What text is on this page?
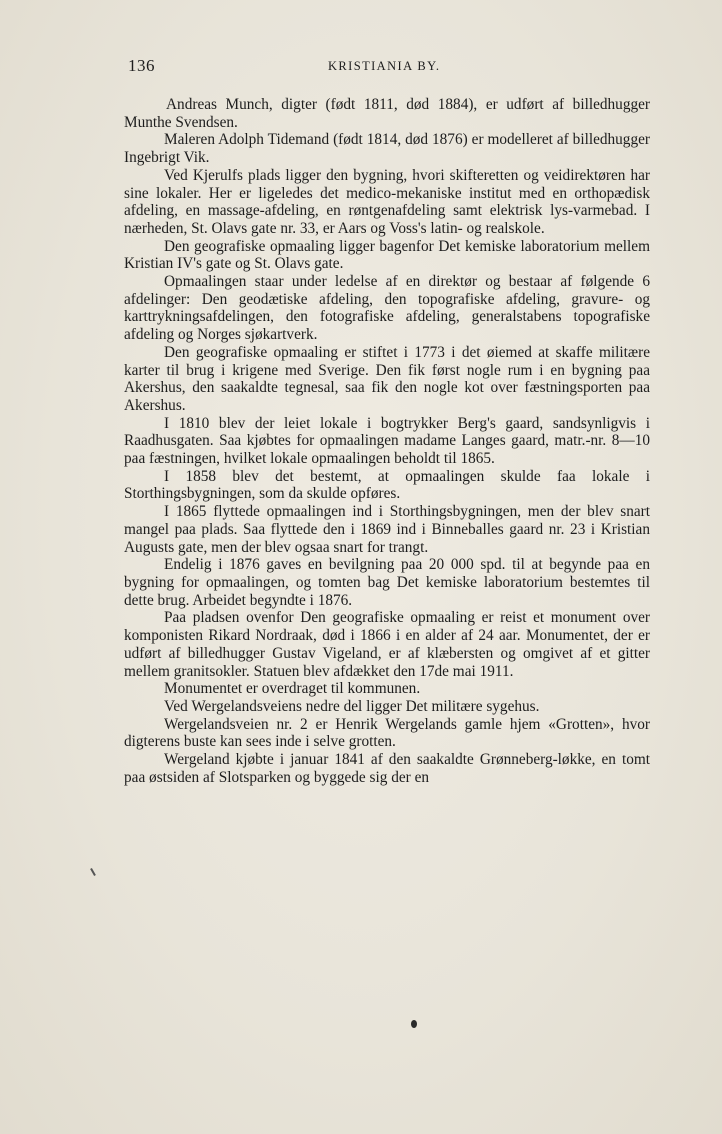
136	KRISTIANIA BY.

Andreas Munch, digter (født 1811, død 1884), er udført af billedhugger Munthe Svendsen.

Maleren Adolph Tidemand (født 1814, død 1876) er modelleret af billedhugger Ingebrigt Vik.

Ved Kjerulfs plads ligger den bygning, hvori skifteretten og veidirektøren har sine lokaler. Her er ligeledes det medico-mekaniske institut med en orthopædisk afdeling, en massage-afdeling, en røntgenafdeling samt elektrisk lys-varmebad. I nærheden, St. Olavs gate nr. 33, er Aars og Voss's latin- og realskole.

Den geografiske opmaaling ligger bagenfor Det kemiske laboratorium mellem Kristian IV's gate og St. Olavs gate.

Opmaalingen staar under ledelse af en direktør og bestaar af følgende 6 afdelinger: Den geodætiske afdeling, den topografiske afdeling, gravure- og karttrykningsafdelingen, den fotografiske afdeling, generalstabens topografiske afdeling og Norges sjøkartverk.

Den geografiske opmaaling er stiftet i 1773 i det øiemed at skaffe militære karter til brug i krigene med Sverige. Den fik først nogle rum i en bygning paa Akershus, den saakaldte tegnesal, saa fik den nogle kot over fæstningsporten paa Akershus.

I 1810 blev der leiet lokale i bogtrykker Berg's gaard, sandsynligvis i Raadhusgaten. Saa kjøbtes for opmaalingen madame Langes gaard, matr.-nr. 8—10 paa fæstningen, hvilket lokale opmaalingen beholdt til 1865.

I 1858 blev det bestemt, at opmaalingen skulde faa lokale i Storthingsbygningen, som da skulde opføres.

I 1865 flyttede opmaalingen ind i Storthingsbygningen, men der blev snart mangel paa plads. Saa flyttede den i 1869 ind i Binneballes gaard nr. 23 i Kristian Augusts gate, men der blev ogsaa snart for trangt.

Endelig i 1876 gaves en bevilgning paa 20 000 spd. til at begynde paa en bygning for opmaalingen, og tomten bag Det kemiske laboratorium bestemtes til dette brug. Arbeidet begyndte i 1876.

Paa pladsen ovenfor Den geografiske opmaaling er reist et monument over komponisten Rikard Nordraak, død i 1866 i en alder af 24 aar. Monumentet, der er udført af billedhugger Gustav Vigeland, er af klæbersten og omgivet af et gitter mellem granitsokler. Statuen blev afdækket den 17de mai 1911.

Monumentet er overdraget til kommunen.

Ved Wergelandsveiens nedre del ligger Det militære sygehus.

Wergelandsveien nr. 2 er Henrik Wergelands gamle hjem «Grotten», hvor digterens buste kan sees inde i selve grotten.

Wergeland kjøbte i januar 1841 af den saakaldte Grønneberg-løkke, en tomt paa østsiden af Slotsparken og byggede sig der en
